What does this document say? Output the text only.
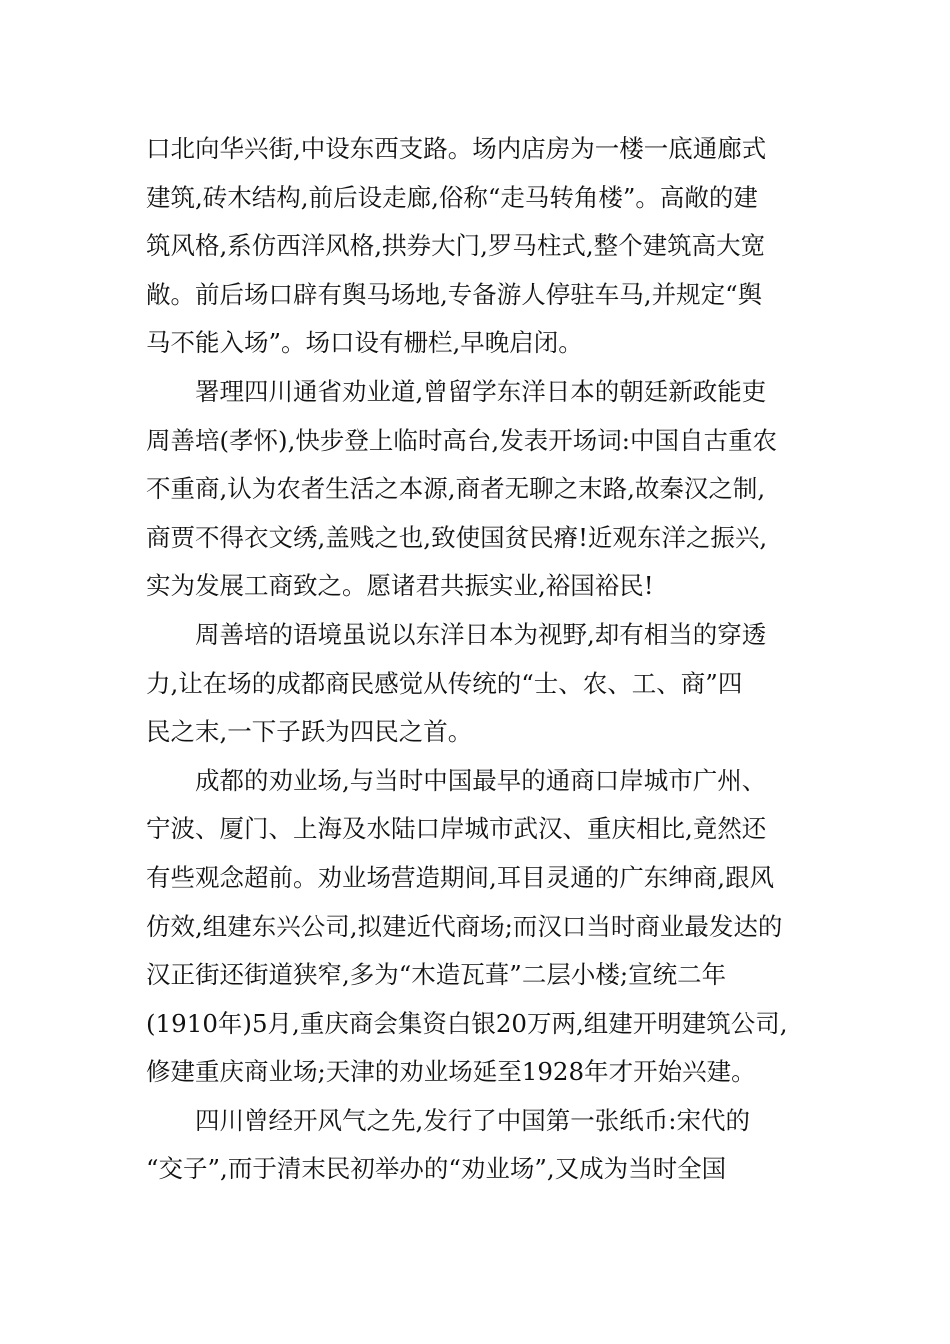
口北向华兴街,中设东西支路。场内店房为一楼一底通廊式
建筑,砖木结构,前后设走廊,俗称“走马转角楼”。高敞的建
筑风格,系仿西洋风格,拱券大门,罗马柱式,整个建筑高大宽
敞。前后场口辟有舆马场地,专备游人停驻车马,并规定“舆
马不能入场”。场口设有栅栏,早晚启闭。
署理四川通省劝业道,曾留学东洋日本的朝廷新政能吏
周善培(孝怀),快步登上临时高台,发表开场词:中国自古重农
不重商,认为农者生活之本源,商者无聊之末路,故秦汉之制,
商贾不得衣文绣,盖贱之也,致使国贫民瘠!近观东洋之振兴,
实为发展工商致之。愿诸君共振实业,裕国裕民!
周善培的语境虽说以东洋日本为视野,却有相当的穿透
力,让在场的成都商民感觉从传统的“士、农、工、商”四
民之末,一下子跃为四民之首。
成都的劝业场,与当时中国最早的通商口岸城市广州、
宁波、厦门、上海及水陆口岸城市武汉、重庆相比,竟然还
有些观念超前。劝业场营造期间,耳目灵通的广东绅商,跟风
仿效,组建东兴公司,拟建近代商场;而汉口当时商业最发达的
汉正街还街道狭窄,多为“木造瓦葺”二层小楼;宣统二年
(1910年)5月,重庆商会集资白银20万两,组建开明建筑公司,
修建重庆商业场;天津的劝业场延至1928年才开始兴建。
四川曾经开风气之先,发行了中国第一张纸币:宋代的
“交子”,而于清末民初举办的“劝业场”,又成为当时全国
